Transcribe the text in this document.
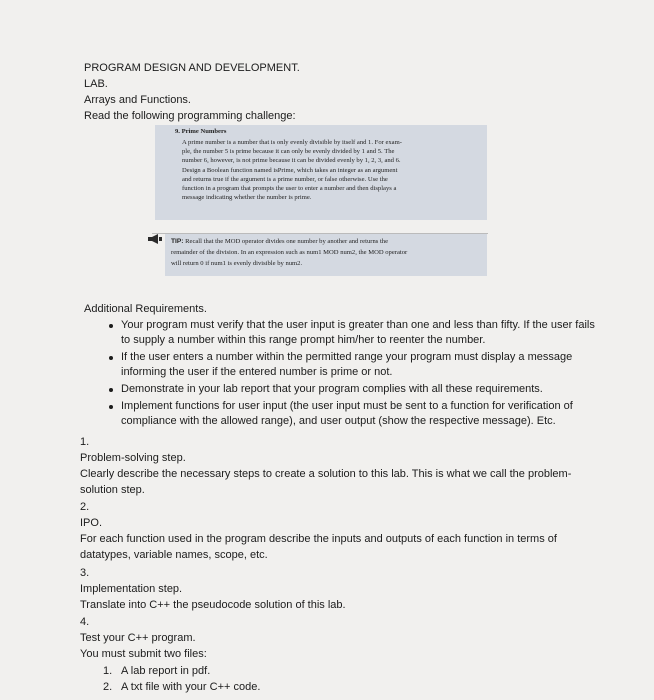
PROGRAM DESIGN AND DEVELOPMENT.
LAB.
Arrays and Functions.
Read the following programming challenge:
9. Prime Numbers
A prime number is a number that is only evenly divisible by itself and 1. For exam-
ple, the number 5 is prime because it can only be evenly divided by 1 and 5. The
number 6, however, is not prime because it can be divided evenly by 1, 2, 3, and 6.
Design a Boolean function named isPrime, which takes an integer as an argument
and returns true if the argument is a prime number, or false otherwise. Use the
function in a program that prompts the user to enter a number and then displays a
message indicating whether the number is prime.
TIP: Recall that the MOD operator divides one number by another and returns the
remainder of the division. In an expression such as num1 MOD num2, the MOD operator
will return 0 if num1 is evenly divisible by num2.
Additional Requirements.
Your program must verify that the user input is greater than one and less than fifty. If the user fails
to supply a number within this range prompt him/her to reenter the number.
If the user enters a number within the permitted range your program must display a message
informing the user if the entered number is prime or not.
Demonstrate in your lab report that your program complies with all these requirements.
Implement functions for user input (the user input must be sent to a function for verification of
compliance with the allowed range), and user output (show the respective message). Etc.
1.
Problem-solving step.
Clearly describe the necessary steps to create a solution to this lab. This is what we call the problem-
solution step.
2.
IPO.
For each function used in the program describe the inputs and outputs of each function in terms of
datatypes, variable names, scope, etc.
3.
Implementation step.
Translate into C++ the pseudocode solution of this lab.
4.
Test your C++ program.
You must submit two files:
1. A lab report in pdf.
2. A txt file with your C++ code.
